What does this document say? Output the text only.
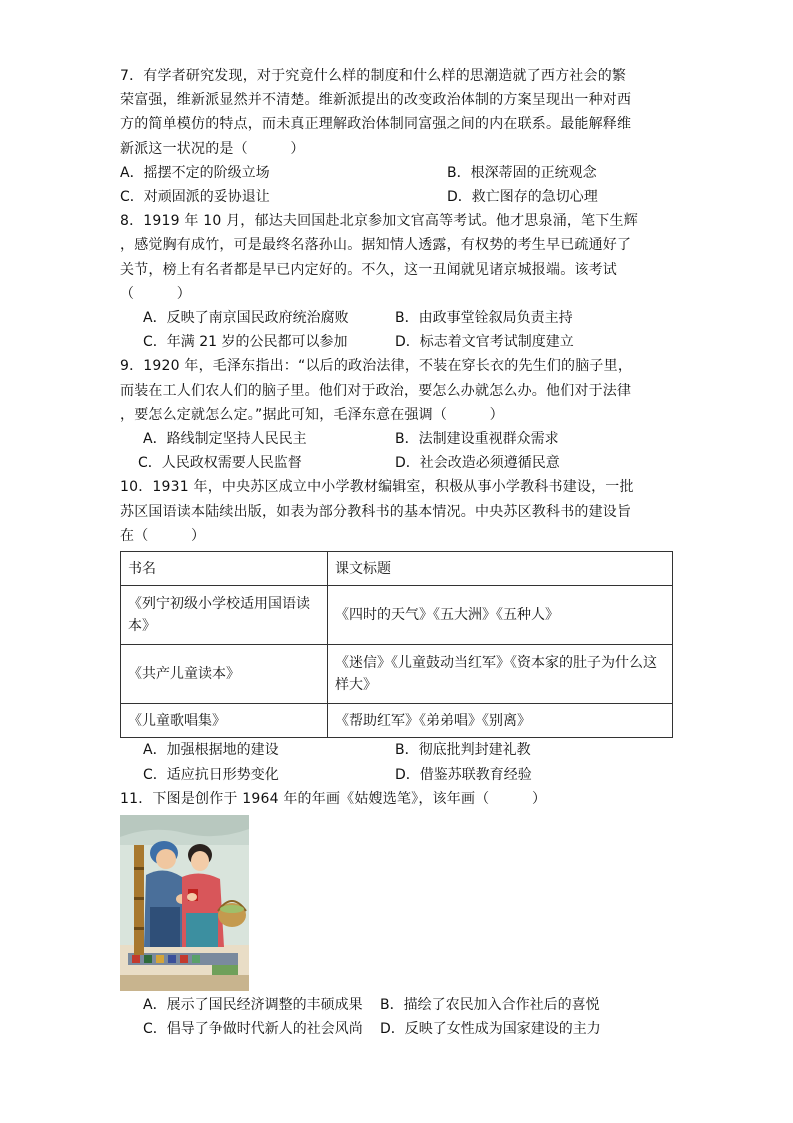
7．有学者研究发现，对于究竟什么样的制度和什么样的思潮造就了西方社会的繁
荣富强，维新派显然并不清楚。维新派提出的改变政治体制的方案呈现出一种对西
方的简单模仿的特点，而未真正理解政治体制同富强之间的内在联系。最能解释维
新派这一状况的是（　　　）
A．摇摆不定的阶级立场	B．根深蒂固的正统观念
C．对顽固派的妥协退让	D．救亡图存的急切心理
8．1919 年 10 月，郁达夫回国赴北京参加文官高等考试。他才思泉涌，笔下生辉
，感觉胸有成竹，可是最终名落孙山。据知情人透露，有权势的考生早已疏通好了
关节，榜上有名者都是早已内定好的。不久，这一丑闻就见诸京城报端。该考试
（　　　）
A．反映了南京国民政府统治腐败	B．由政事堂铨叙局负责主持
C．年满 21 岁的公民都可以参加	D．标志着文官考试制度建立
9．1920 年，毛泽东指出：“以后的政治法律，不装在穿长衣的先生们的脑子里，
而装在工人们农人们的脑子里。他们对于政治，要怎么办就怎么办。他们对于法律
，要怎么定就怎么定。”据此可知，毛泽东意在强调（　　　）
A．路线制定坚持人民民主	B．法制建设重视群众需求
C．人民政权需要人民监督	D．社会改造必须遵循民意
10．1931 年，中央苏区成立中小学教材编辑室，积极从事小学教科书建设，一批
苏区国语读本陆续出版，如表为部分教科书的基本情况。中央苏区教科书的建设旨
在（　　　）
书名	课文标题
《列宁初级小学校适用国语读本》	《四时的天气》《五大洲》《五种人》
《共产儿童读本》	《迷信》《儿童鼓动当红军》《资本家的肚子为什么这样大》
《儿童歌唱集》	《帮助红军》《弟弟唱》《别离》
A．加强根据地的建设	B．彻底批判封建礼教
C．适应抗日形势变化	D．借鉴苏联教育经验
11．下图是创作于 1964 年的年画《姑嫂选笔》，该年画（　　　）
A．展示了国民经济调整的丰硕成果 B．描绘了农民加入合作社后的喜悦
C．倡导了争做时代新人的社会风尚 D．反映了女性成为国家建设的主力
